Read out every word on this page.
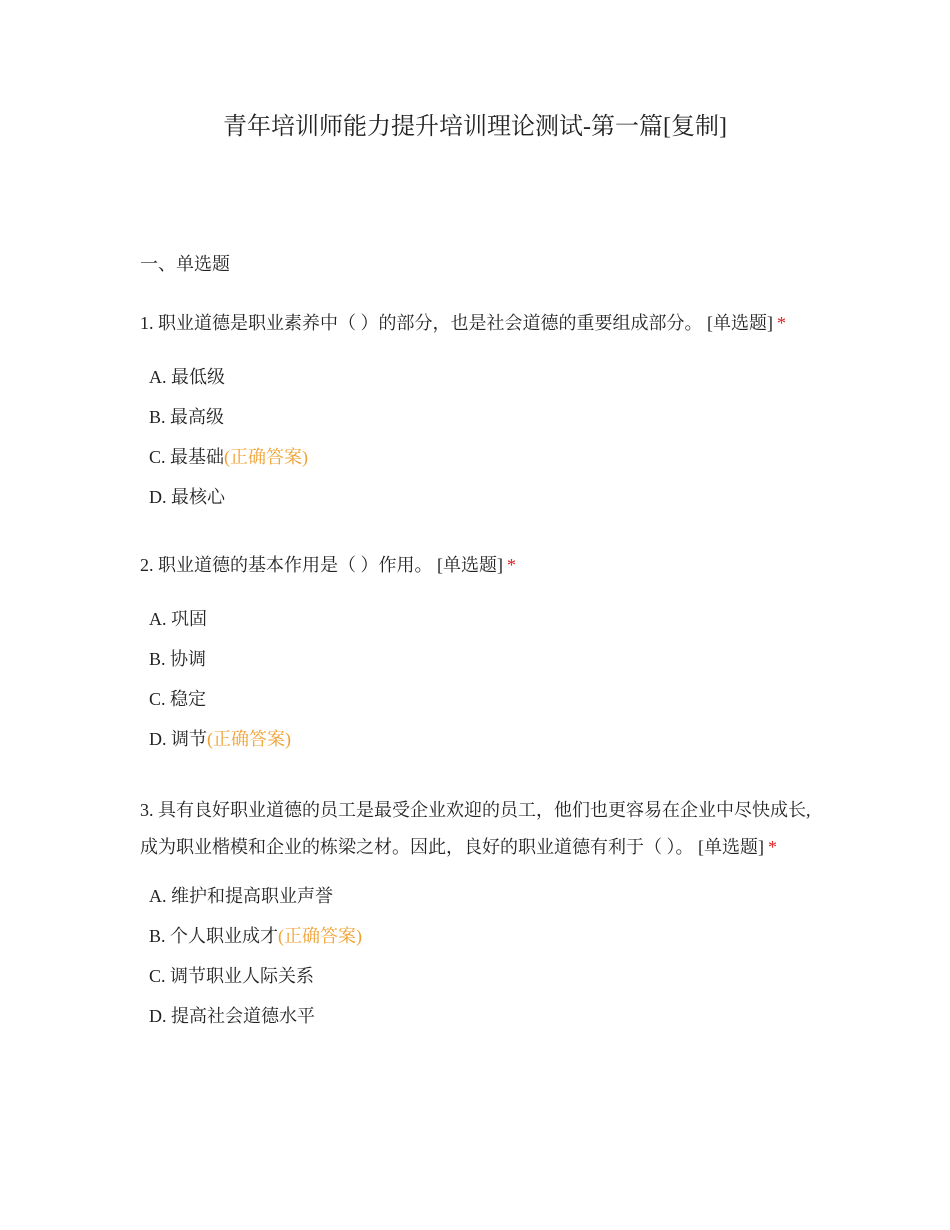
青年培训师能力提升培训理论测试-第一篇[复制]
一、单选题

1. 职业道德是职业素养中（ ）的部分，也是社会道德的重要组成部分。 [单选题] *

A. 最低级
B. 最高级
C. 最基础(正确答案)
D. 最核心

2. 职业道德的基本作用是（ ）作用。 [单选题] *

A. 巩固
B. 协调
C. 稳定
D. 调节(正确答案)

3. 具有良好职业道德的员工是最受企业欢迎的员工，他们也更容易在企业中尽快成长,成为职业楷模和企业的栋梁之材。因此，良好的职业道德有利于（ ）。 [单选题] *

A. 维护和提高职业声誉
B. 个人职业成才(正确答案)
C. 调节职业人际关系
D. 提高社会道德水平
